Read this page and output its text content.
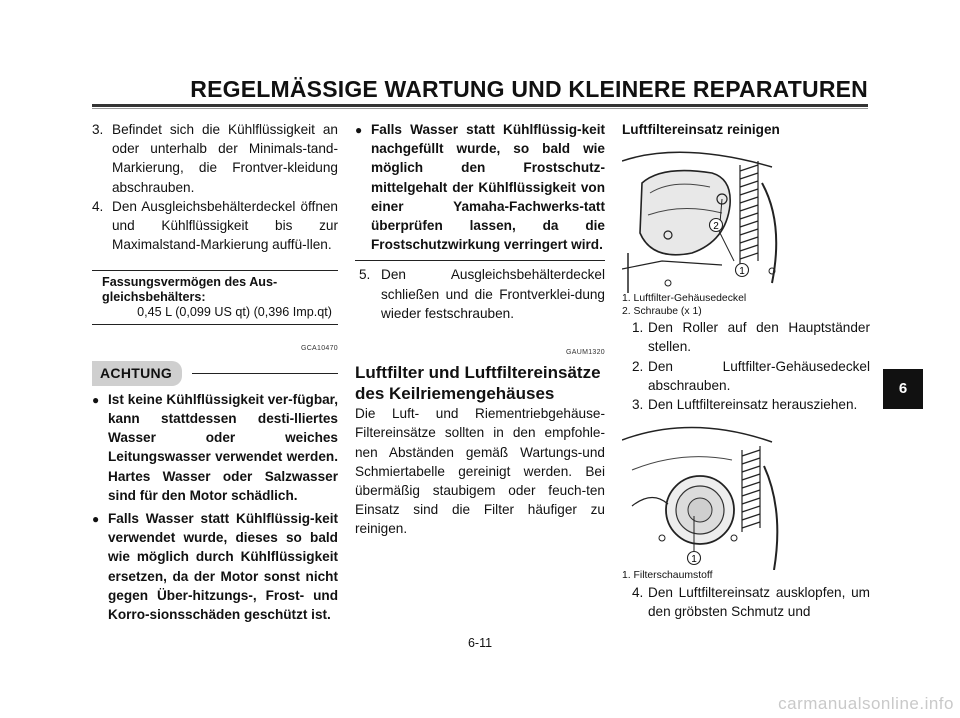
REGELMÄSSIGE WARTUNG UND KLEINERE REPARATUREN
3. Befindet sich die Kühlflüssigkeit an oder unterhalb der Minimals-tand-Markierung, die Frontver-kleidung abschrauben.
4. Den Ausgleichsbehälterdeckel öffnen und Kühlflüssigkeit bis zur Maximalstand-Markierung auffü-llen.
Fassungsvermögen des Aus-gleichsbehälters:
0,45 L (0,099 US qt) (0,396 Imp.qt)
GCA10470
ACHTUNG
● Ist keine Kühlflüssigkeit ver-fügbar, kann stattdessen desti-lliertes Wasser oder weiches Leitungswasser verwendet werden. Hartes Wasser oder Salzwasser sind für den Motor schädlich.
● Falls Wasser statt Kühlflüssig-keit verwendet wurde, dieses so bald wie möglich durch Kühlflüssigkeit ersetzen, da der Motor sonst nicht gegen Über-hitzungs-, Frost- und Korro-sionsschäden geschützt ist.
● Falls Wasser statt Kühlflüssig-keit nachgefüllt wurde, so bald wie möglich den Frostschutz-mittelgehalt der Kühlflüssigkeit von einer Yamaha-Fachwerks-tatt überprüfen lassen, da die Frostschutzwirkung verringert wird.
5. Den Ausgleichsbehälterdeckel schließen und die Frontverklei-dung wieder festschrauben.
GAUM1320
Luftfilter und Luftfiltereinsätze des Keilriemengehäuses
Die Luft- und Riementriebgehäuse-Filtereinsätze sollten in den empfohle-nen Abständen gemäß Wartungs-und Schmiertabelle gereinigt werden. Bei übermäßig staubigem oder feuch-ten Einsatz sind die Filter häufiger zu reinigen.
Luftfiltereinsatz reinigen
1
2
1. Luftfilter-Gehäusedeckel
2. Schraube (x 1)
1. Den Roller auf den Hauptständer stellen.
2. Den Luftfilter-Gehäusedeckel abschrauben.
3. Den Luftfiltereinsatz herausziehen.
1
1. Filterschaumstoff
4. Den Luftfiltereinsatz ausklopfen, um den gröbsten Schmutz und
6
6-11
carmanualsonline.info
